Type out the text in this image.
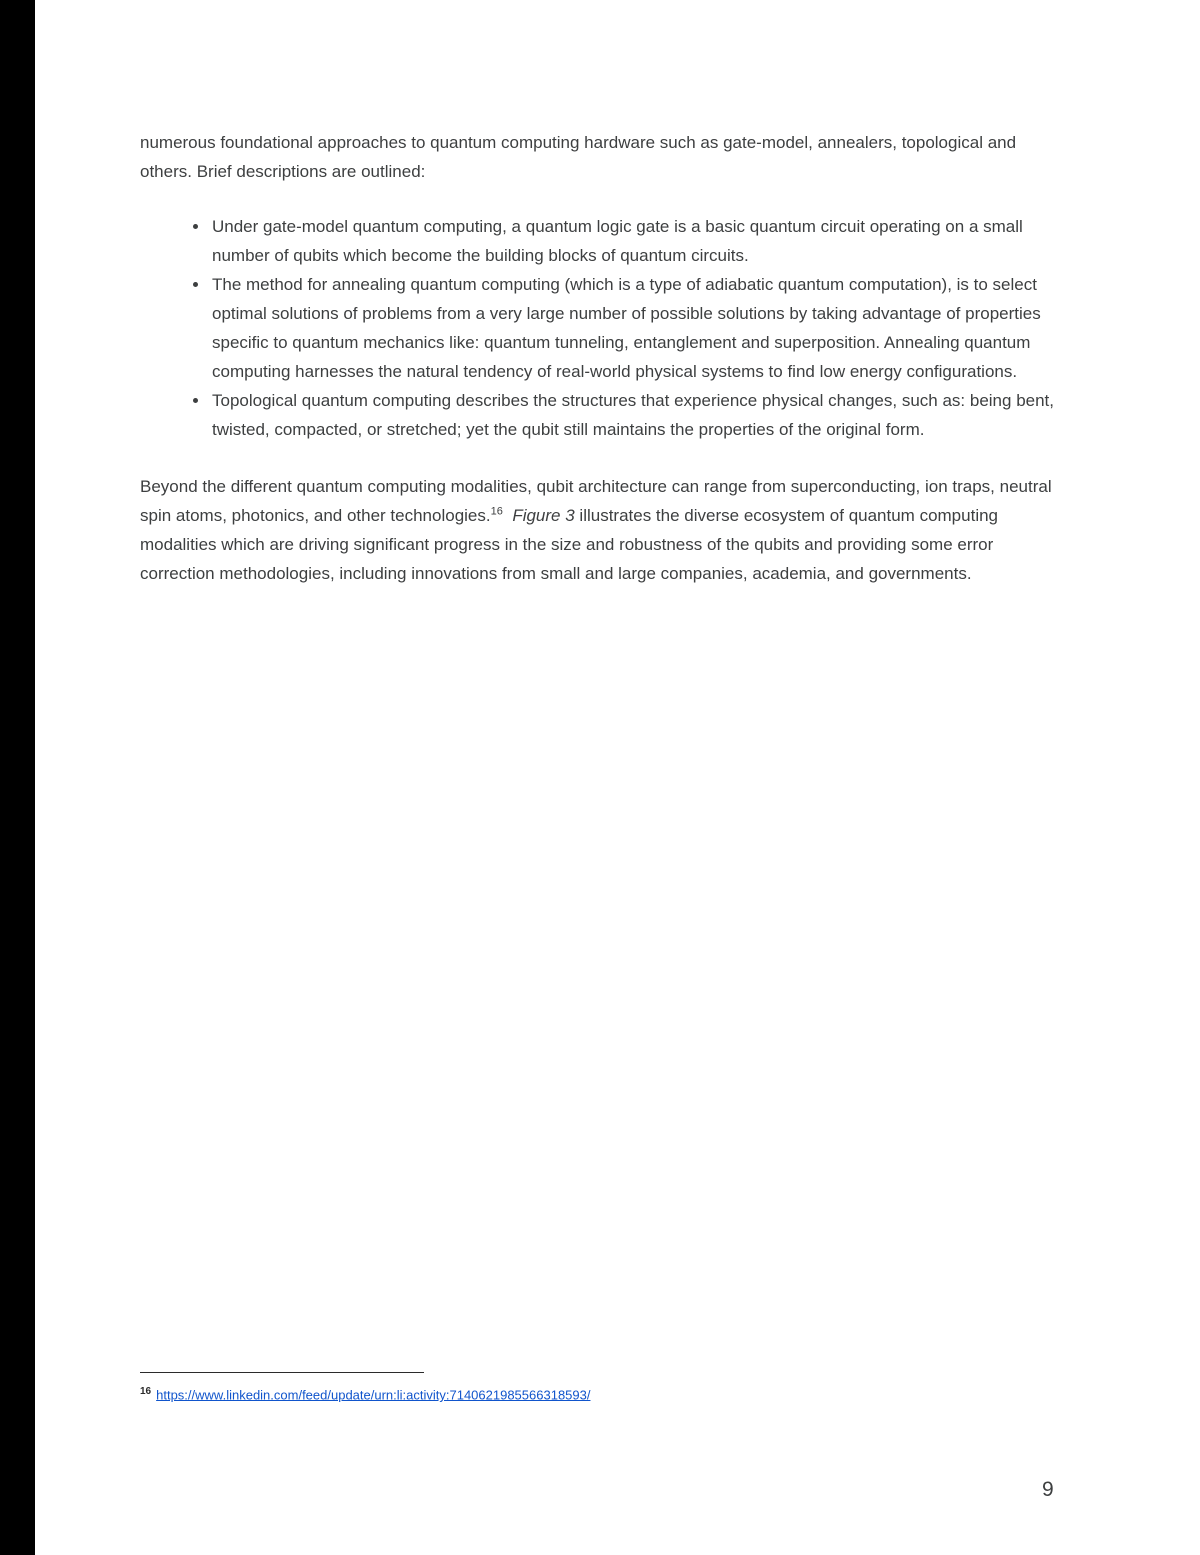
numerous foundational approaches to quantum computing hardware such as gate-model, annealers, topological and others. Brief descriptions are outlined:

• Under gate-model quantum computing, a quantum logic gate is a basic quantum circuit operating on a small number of qubits which become the building blocks of quantum circuits.
• The method for annealing quantum computing (which is a type of adiabatic quantum computation), is to select optimal solutions of problems from a very large number of possible solutions by taking advantage of properties specific to quantum mechanics like: quantum tunneling, entanglement and superposition. Annealing quantum computing harnesses the natural tendency of real-world physical systems to find low energy configurations.
• Topological quantum computing describes the structures that experience physical changes, such as: being bent, twisted, compacted, or stretched; yet the qubit still maintains the properties of the original form.

Beyond the different quantum computing modalities, qubit architecture can range from superconducting, ion traps, neutral spin atoms, photonics, and other technologies.$^{16}$ Figure 3 illustrates the diverse ecosystem of quantum computing modalities which are driving significant progress in the size and robustness of the qubits and providing some error correction methodologies, including innovations from small and large companies, academia, and governments.

$^{16}$ https://www.linkedin.com/feed/update/urn:li:activity:7140621985566318593/
9
